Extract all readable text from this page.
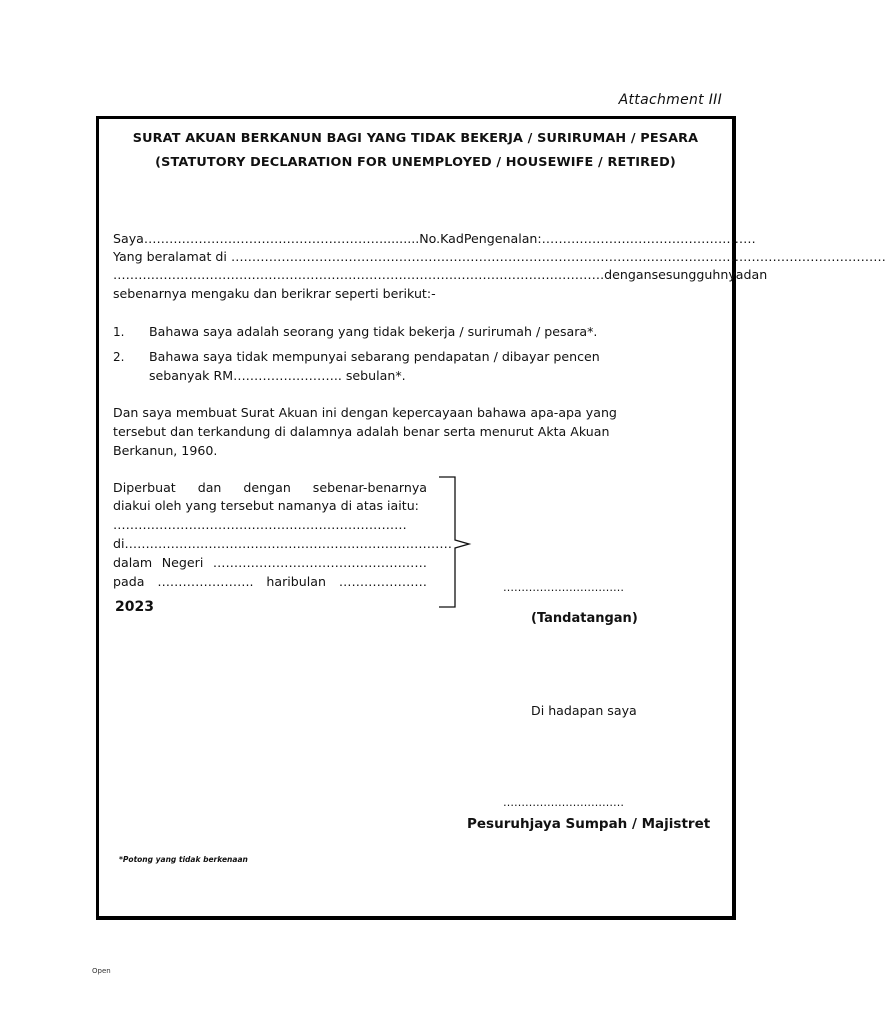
Attachment III
SURAT AKUAN BERKANUN BAGI YANG TIDAK BEKERJA / SURIRUMAH / PESARA
(STATUTORY DECLARATION FOR UNEMPLOYED / HOUSEWIFE / RETIRED)
Saya …………………………………………………......... No. Kad Pengenalan: ……………………………………………
Yang beralamat di …………………………………………………………………………………………………………………………………………
……………………………………………………………………………………………………… dengan sesungguhnya dan
sebenarnya mengaku dan berikrar seperti berikut:-
1. Bahawa saya adalah seorang yang tidak bekerja / surirumah / pesara*.
2. Bahawa saya tidak mempunyai sebarang pendapatan / dibayar pencen
sebanyak RM…………………….. sebulan*.
Dan saya membuat Surat Akuan ini dengan kepercayaan bahawa apa-apa yang
tersebut dan terkandung di dalamnya adalah benar serta menurut Akta Akuan
Berkanun, 1960.
Diperbuat dan dengan sebenar-benarnya
diakui oleh yang tersebut namanya di atas iaitu:
…………………………………….………………………
di……………………………………………………………………
dalam Negeri ……………………………………………
pada ………………….. haribulan …………………
2023
……………………………
(Tandatangan)
Di hadapan saya
……………………………
Pesuruhjaya Sumpah / Majistret
*Potong yang tidak berkenaan
Open
